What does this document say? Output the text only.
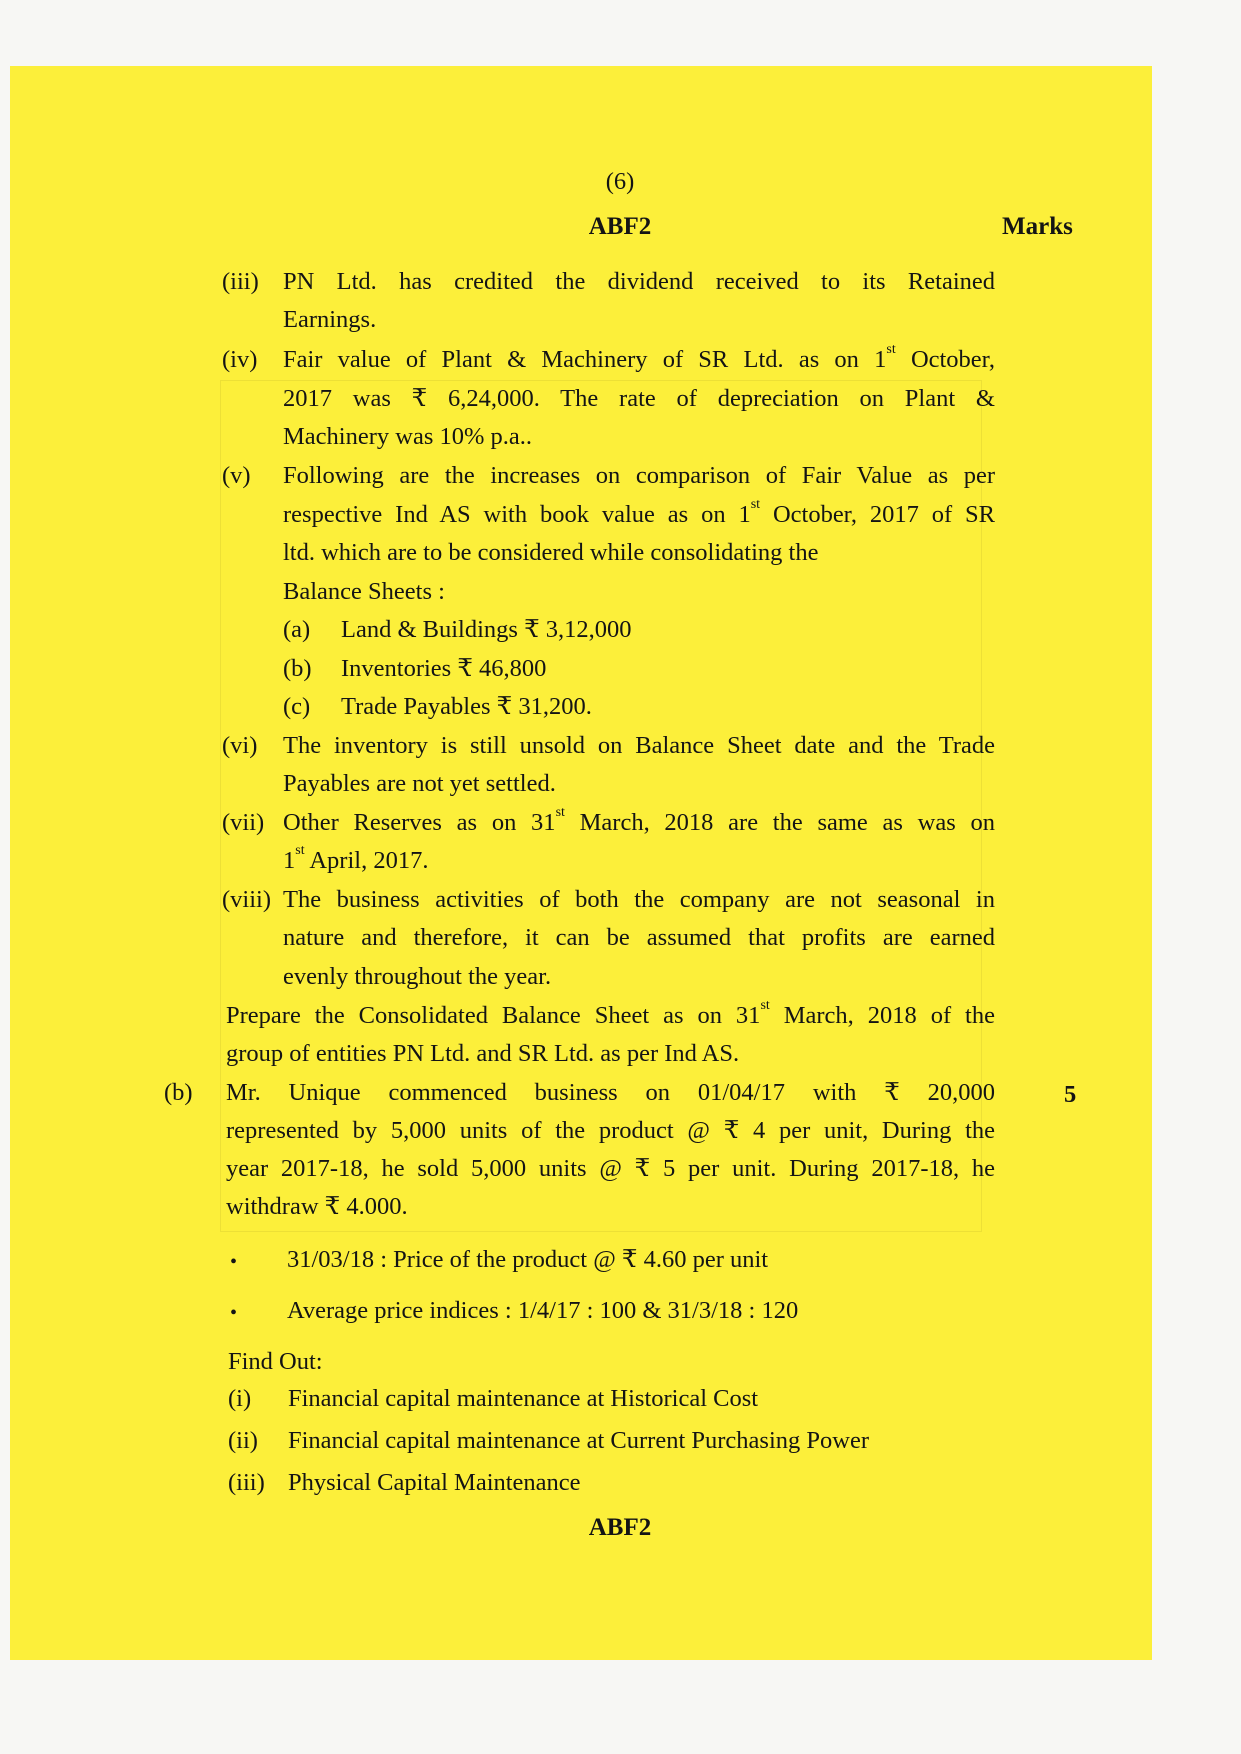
(6)
ABF2	Marks
(iii) PN Ltd. has credited the dividend received to its Retained
Earnings.
(iv) Fair value of Plant & Machinery of SR Ltd. as on 1st October,
2017 was ₹ 6,24,000. The rate of depreciation on Plant &
Machinery was 10% p.a..
(v) Following are the increases on comparison of Fair Value as per
respective Ind AS with book value as on 1st October, 2017 of SR
ltd. which are to be considered while consolidating the
Balance Sheets :
(a) Land & Buildings ₹ 3,12,000
(b) Inventories ₹ 46,800
(c) Trade Payables ₹ 31,200.
(vi) The inventory is still unsold on Balance Sheet date and the Trade
Payables are not yet settled.
(vii) Other Reserves as on 31st March, 2018 are the same as was on
1st April, 2017.
(viii) The business activities of both the company are not seasonal in
nature and therefore, it can be assumed that profits are earned
evenly throughout the year.
Prepare the Consolidated Balance Sheet as on 31st March, 2018 of the
group of entities PN Ltd. and SR Ltd. as per Ind AS.
(b)	5
Mr. Unique commenced business on 01/04/17 with ₹ 20,000
represented by 5,000 units of the product @ ₹ 4 per unit, During the
year 2017-18, he sold 5,000 units @ ₹ 5 per unit. During 2017-18, he
withdraw ₹ 4.000.
• 31/03/18 : Price of the product @ ₹ 4.60 per unit
• Average price indices : 1/4/17 : 100 & 31/3/18 : 120
Find Out:
(i) Financial capital maintenance at Historical Cost
(ii) Financial capital maintenance at Current Purchasing Power
(iii) Physical Capital Maintenance
ABF2
